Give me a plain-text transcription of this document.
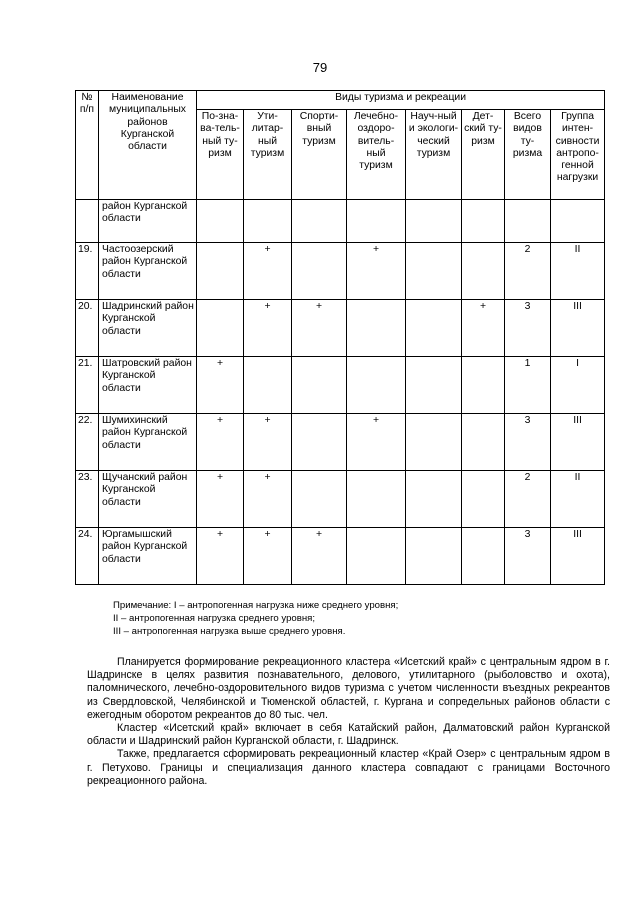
79
№ п/п	Наименование муниципальных районов Курганской области	Виды туризма и рекреации							
		По-зна-ва-тель-ный ту-ризм	Ути-литар-ный туризм	Спорти-вный туризм	Лечебно-оздоро-витель-ный туризм	Науч-ный и экологи-ческий туризм	Дет-ский ту-ризм	Всего видов ту-ризма	Группа интен-сивности антропо-генной нагрузки
	район Курганской области								
19.	Частоозерский район Курганской области		+		+			2	II
20.	Шадринский район Курганской области		+	+			+	3	III
21.	Шатровский район Курганской области	+						1	I
22.	Шумихинский район Курганской области	+	+		+			3	III
23.	Щучанский район Курганской области	+	+					2	II
24.	Юргамышский район Курганской области	+	+	+				3	III
Примечание: I – антропогенная нагрузка ниже среднего уровня;
II – антропогенная нагрузка среднего уровня;
III – антропогенная нагрузка выше среднего уровня.

Планируется формирование рекреационного кластера «Исетский край» с центральным ядром в г. Шадринске в целях развития познавательного, делового, утилитарного (рыболовство и охота), паломнического, лечебно-оздоровительного видов туризма с учетом численности въездных рекреантов из Свердловской, Челябинской и Тюменской областей, г. Кургана и сопредельных районов области с ежегодным оборотом рекреантов до 80 тыс. чел.

Кластер «Исетский край» включает в себя Катайский район, Далматовский район Курганской области и Шадринский район Курганской области, г. Шадринск.

Также, предлагается сформировать рекреационный кластер «Край Озер» с центральным ядром в г. Петухово. Границы и специализация данного кластера совпадают с границами Восточного рекреационного района.
